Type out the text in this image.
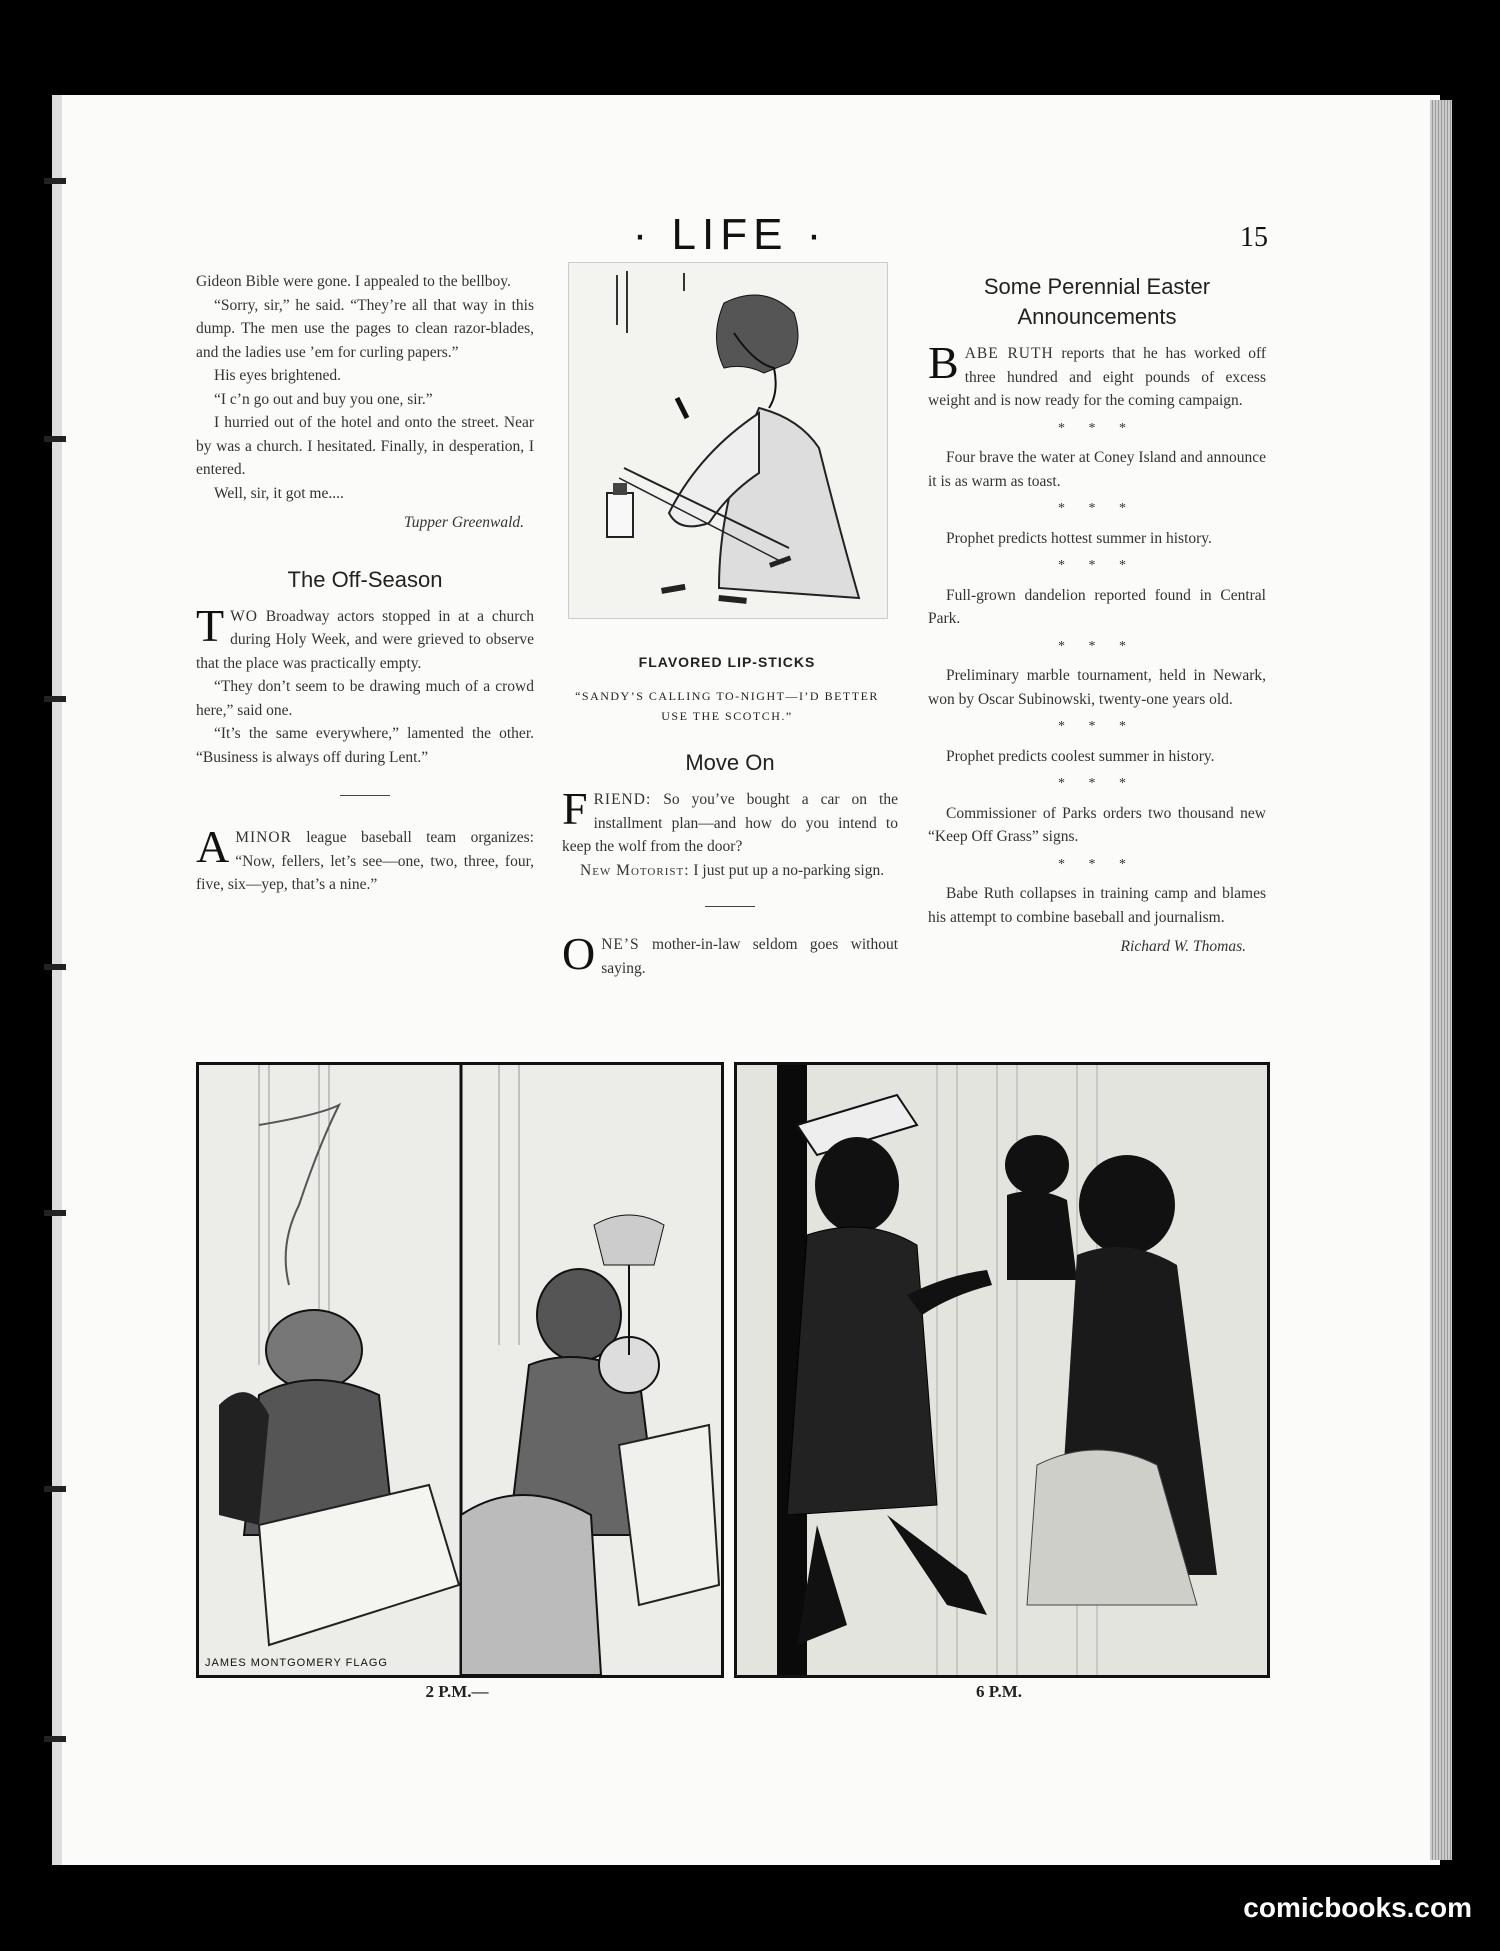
· LIFE ·	15

Gideon Bible were gone. I appealed to the bellboy.

“Sorry, sir,” he said. “They’re all that way in this dump. The men use the pages to clean razor-blades, and the ladies use ’em for curling papers.”

His eyes brightened.

“I c’n go out and buy you one, sir.”

I hurried out of the hotel and onto the street. Near by was a church. I hesitated. Finally, in desperation, I entered.

Well, sir, it got me....

Tupper Greenwald.
The Off-Season

TWO Broadway actors stopped in at a church during Holy Week, and were grieved to observe that the place was practically empty.

“They don’t seem to be drawing much of a crowd here,” said one.

“It’s the same everywhere,” lamented the other. “Business is always off during Lent.”

AMINOR league baseball team organizes: “Now, fellers, let’s see—one, two, three, four, five, six—yep, that’s a nine.”

FLAVORED LIP-STICKS
“SANDY’S CALLING TO-NIGHT—I’D BETTER USE THE SCOTCH.”
Move On

FRIEND: So you’ve bought a car on the installment plan—and how do you intend to keep the wolf from the door?

New Motorist: I just put up a no-parking sign.

ONE’S mother-in-law seldom goes without saying.

Some Perennial Easter Announcements

BABE RUTH reports that he has worked off three hundred and eight pounds of excess weight and is now ready for the coming campaign.

* * *

Four brave the water at Coney Island and announce it is as warm as toast.

* * *

Prophet predicts hottest summer in history.

* * *

Full-grown dandelion reported found in Central Park.

* * *

Preliminary marble tournament, held in Newark, won by Oscar Subinowski, twenty-one years old.

* * *

Prophet predicts coolest summer in history.

* * *

Commissioner of Parks orders two thousand new “Keep Off Grass” signs.

* * *

Babe Ruth collapses in training camp and blames his attempt to combine baseball and journalism.

Richard W. Thomas.
JAMES MONTGOMERY FLAGG
2 P.M.—	6 P.M.
comicbooks.com
